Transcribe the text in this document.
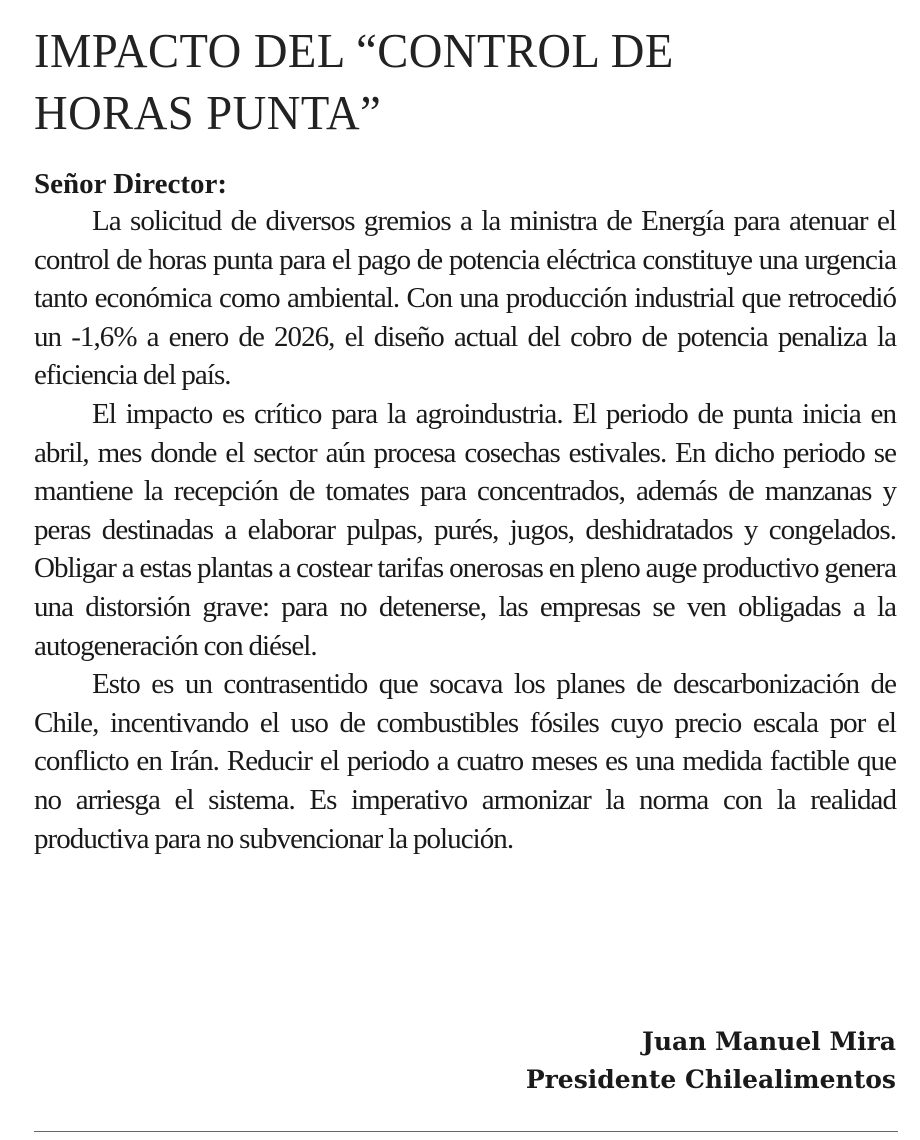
IMPACTO DEL “CONTROL DE
HORAS PUNTA”
Señor Director:

La solicitud de diversos gremios a la ministra de Energía para atenuar el control de horas punta para el pago de potencia eléctrica constituye una urgencia tanto económica como ambiental. Con una producción industrial que retrocedió un -1,6% a enero de 2026, el diseño actual del cobro de potencia penaliza la eficiencia del país.

El impacto es crítico para la agroindustria. El periodo de punta inicia en abril, mes donde el sector aún procesa cosechas estivales. En dicho periodo se mantiene la recepción de tomates para concentrados, además de manzanas y peras destinadas a elaborar pulpas, purés, jugos, deshidratados y congelados. Obligar a estas plantas a costear tarifas onerosas en pleno auge productivo genera una distorsión grave: para no detenerse, las empresas se ven obligadas a la autogeneración con diésel.

Esto es un contrasentido que socava los planes de descarbonización de Chile, incentivando el uso de combustibles fósiles cuyo precio escala por el conflicto en Irán. Reducir el periodo a cuatro meses es una medida factible que no arriesga el sistema. Es imperativo armonizar la norma con la realidad productiva para no subvencionar la polución.

Juan Manuel Mira
Presidente Chilealimentos
